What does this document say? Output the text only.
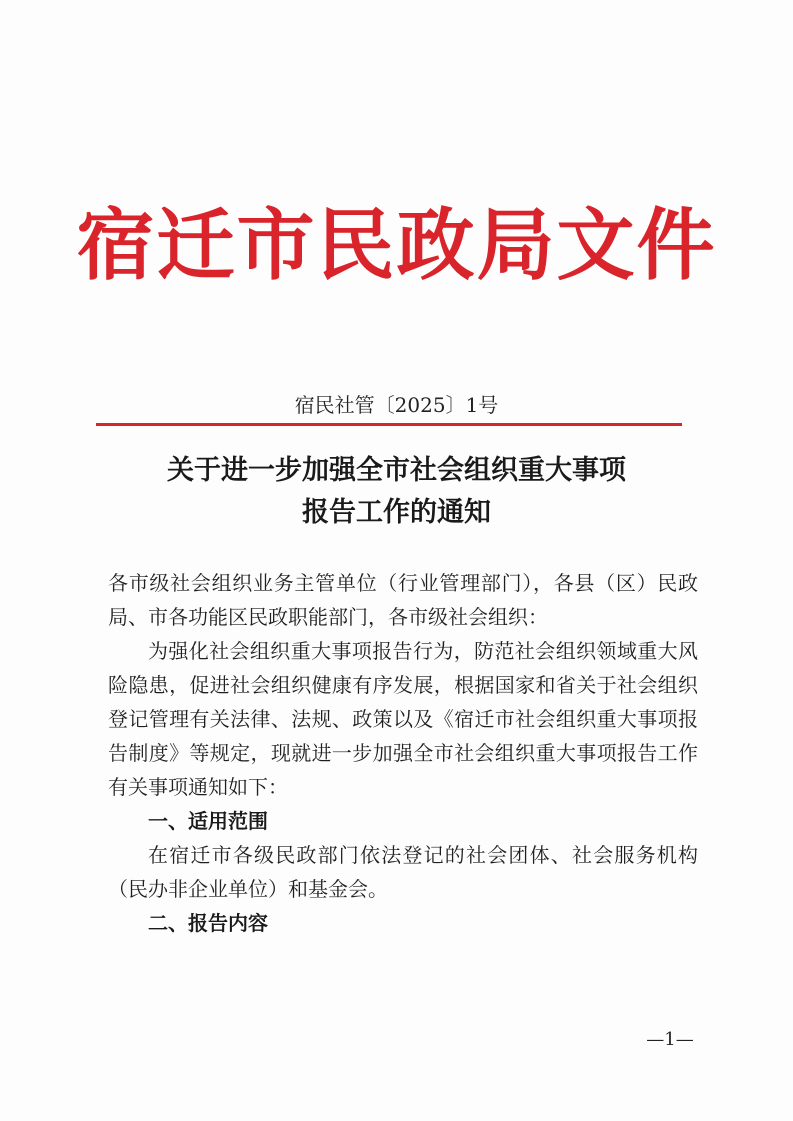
宿迁市民政局文件
宿民社管〔2025〕1号
关于进一步加强全市社会组织重大事项
报告工作的通知

各市级社会组织业务主管单位（行业管理部门），各县（区）民政局、市各功能区民政职能部门，各市级社会组织：

为强化社会组织重大事项报告行为，防范社会组织领域重大风险隐患，促进社会组织健康有序发展，根据国家和省关于社会组织登记管理有关法律、法规、政策以及《宿迁市社会组织重大事项报告制度》等规定，现就进一步加强全市社会组织重大事项报告工作有关事项通知如下：

一、适用范围

在宿迁市各级民政部门依法登记的社会团体、社会服务机构（民办非企业单位）和基金会。

二、报告内容

—1—
